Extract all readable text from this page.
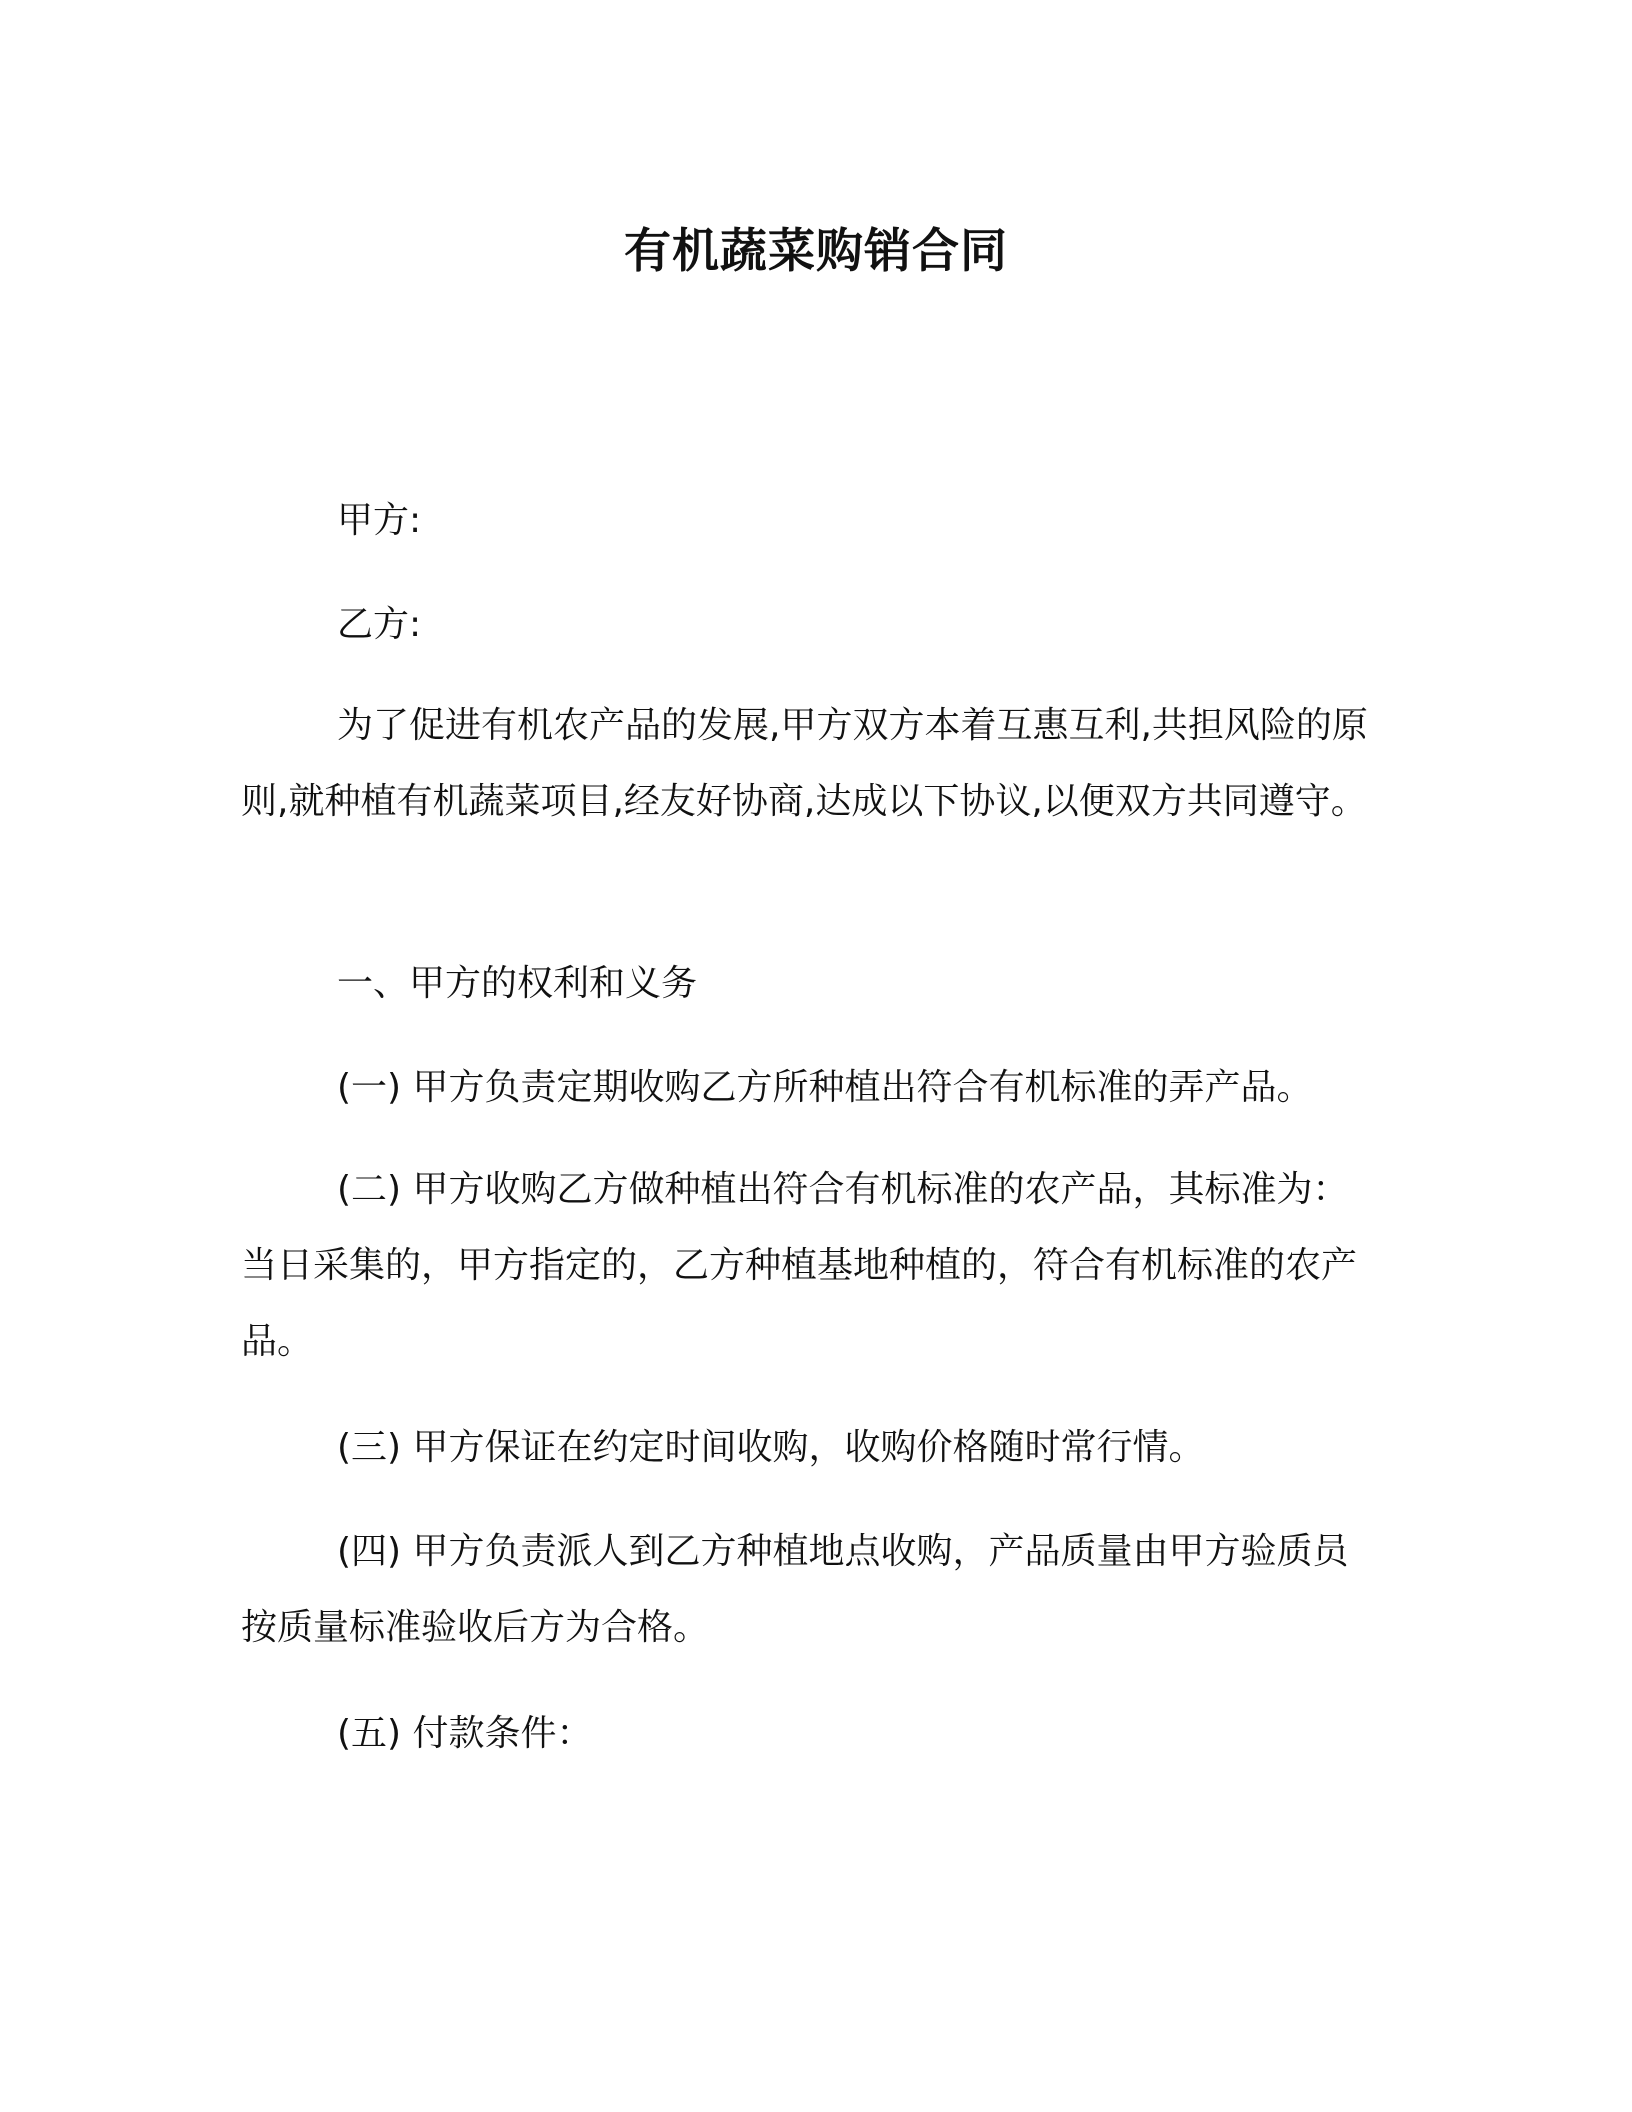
有机蔬菜购销合同
甲方:
乙方:
为了促进有机农产品的发展,甲方双方本着互惠互利,共担风险的原则,就种植有机蔬菜项目,经友好协商,达成以下协议,以便双方共同遵守。
一、甲方的权利和义务
(一) 甲方负责定期收购乙方所种植出符合有机标准的弄产品。
(二) 甲方收购乙方做种植出符合有机标准的农产品，其标准为：当日采集的，甲方指定的，乙方种植基地种植的，符合有机标准的农产品。
(三) 甲方保证在约定时间收购，收购价格随时常行情。
(四) 甲方负责派人到乙方种植地点收购，产品质量由甲方验质员按质量标准验收后方为合格。
(五) 付款条件：
